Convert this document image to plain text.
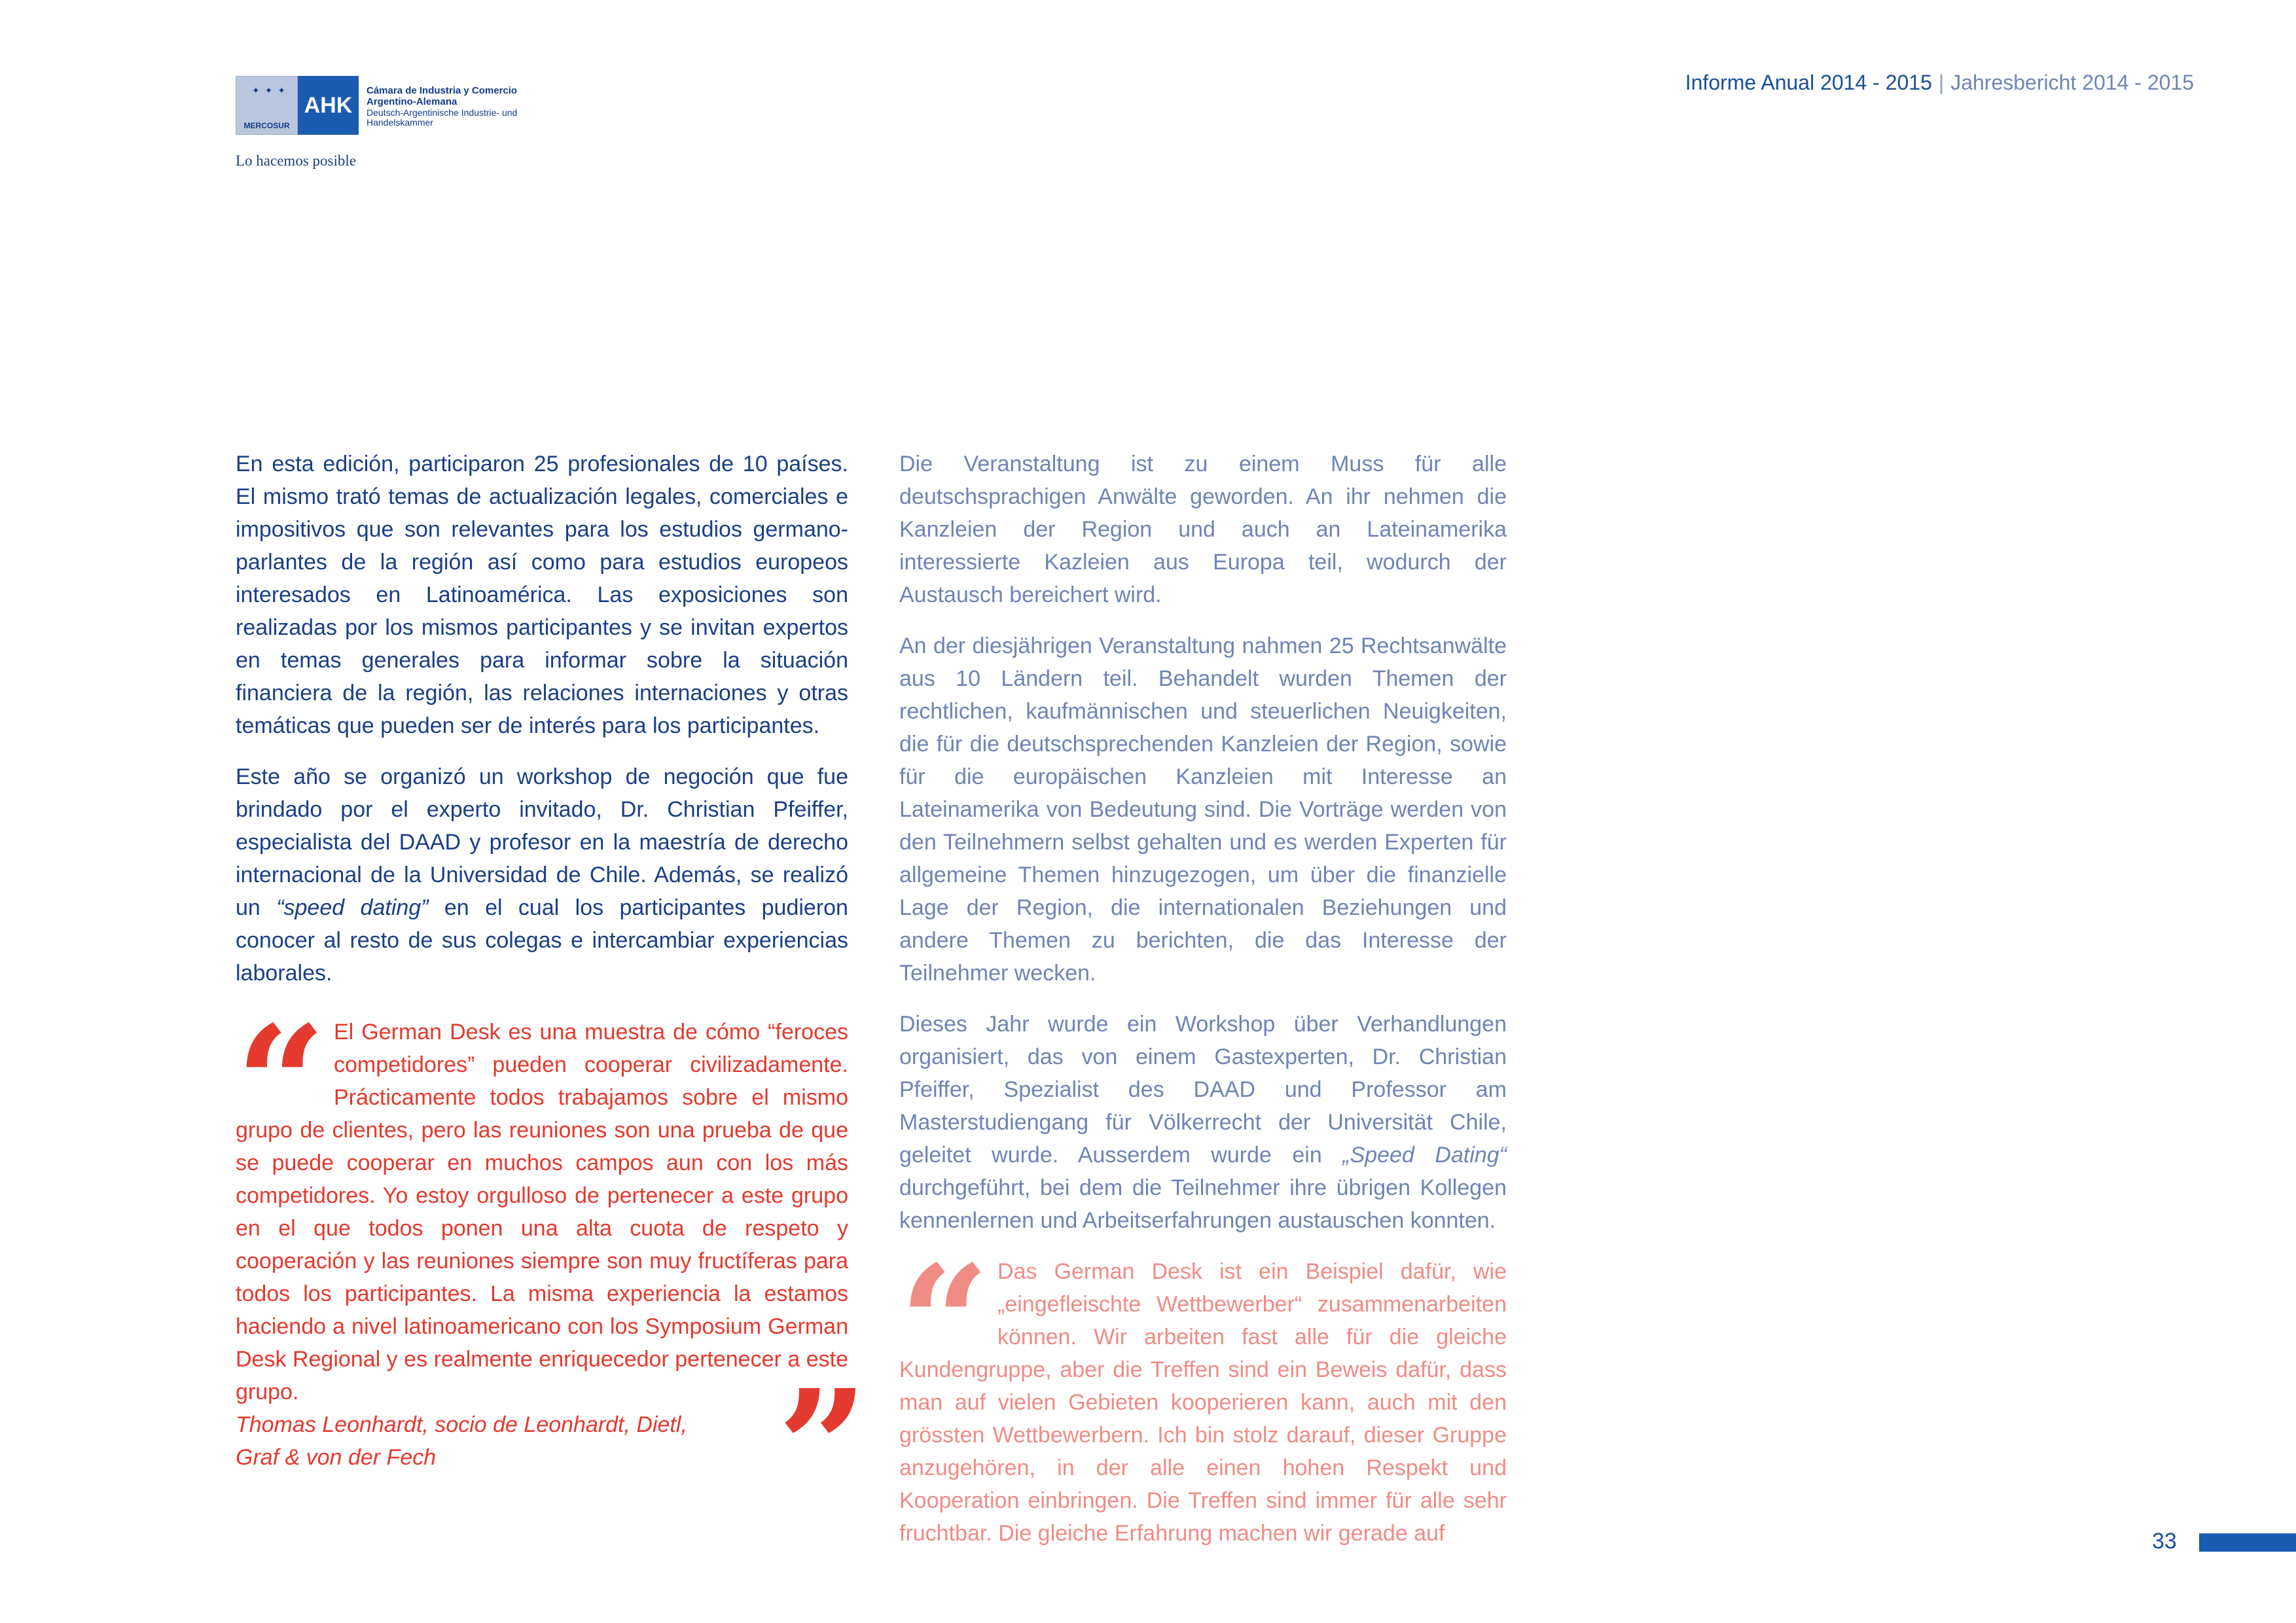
✦ ✦ ✦
MERCOSUR
AHK
Cámara de Industria y Comercio Argentino-Alemana
Deutsch-Argentinische Industrie- und Handelskammer
Lo hacemos posible
Informe Anual 2014 - 2015 | Jahresbericht 2014 - 2015

En esta edición, participaron 25 profesionales de 10 países. El mismo trató temas de actualización legales, comerciales e impositivos que son relevantes para los estudios germano-parlantes de la región así como para estudios europeos interesados en Latinoamérica. Las exposiciones son realizadas por los mismos participantes y se invitan expertos en temas generales para informar sobre la situación financiera de la región, las relaciones internaciones y otras temáticas que pueden ser de interés para los participantes.

Este año se organizó un workshop de negoción que fue brindado por el experto invitado, Dr. Christian Pfeiffer, especialista del DAAD y profesor en la maestría de derecho internacional de la Universidad de Chile. Además, se realizó un “speed dating” en el cual los participantes pudieron conocer al resto de sus colegas e intercambiar experiencias laborales.

“	El German Desk es una muestra de cómo “feroces competidores” pueden cooperar civilizadamente. Prácticamente todos trabajamos sobre el mismo grupo de clientes, pero las reuniones son una prueba de que se puede cooperar en muchos campos aun con los más competidores. Yo estoy orgulloso de pertenecer a este grupo en el que todos ponen una alta cuota de respeto y cooperación y las reuniones siempre son muy fructíferas para todos los participantes. La misma experiencia la estamos haciendo a nivel latinoamericano con los Symposium German Desk Regional y es realmente enriquecedor pertenecer a este grupo.

Thomas Leonhardt, socio de Leonhardt, Dietl, Graf & von der Fech	”

Die Veranstaltung ist zu einem Muss für alle deutschsprachigen Anwälte geworden. An ihr nehmen die Kanzleien der Region und auch an Lateinamerika interessierte Kazleien aus Europa teil, wodurch der Austausch bereichert wird.

An der diesjährigen Veranstaltung nahmen 25 Rechtsanwälte aus 10 Ländern teil. Behandelt wurden Themen der rechtlichen, kaufmännischen und steuerlichen Neuigkeiten, die für die deutschsprechenden Kanzleien der Region, sowie für die europäischen Kanzleien mit Interesse an Lateinamerika von Bedeutung sind. Die Vorträge werden von den Teilnehmern selbst gehalten und es werden Experten für allgemeine Themen hinzugezogen, um über die finanzielle Lage der Region, die internationalen Beziehungen und andere Themen zu berichten, die das Interesse der Teilnehmer wecken.

Dieses Jahr wurde ein Workshop über Verhandlungen organisiert, das von einem Gastexperten, Dr. Christian Pfeiffer, Spezialist des DAAD und Professor am Masterstudiengang für Völkerrecht der Universität Chile, geleitet wurde. Ausserdem wurde ein „Speed Dating“ durchgeführt, bei dem die Teilnehmer ihre übrigen Kollegen kennenlernen und Arbeitserfahrungen austauschen konnten.

“	Das German Desk ist ein Beispiel dafür, wie „eingefleischte Wettbewerber“ zusammenarbeiten können. Wir arbeiten fast alle für die gleiche Kundengruppe, aber die Treffen sind ein Beweis dafür, dass man auf vielen Gebieten kooperieren kann, auch mit den grössten Wettbewerbern. Ich bin stolz darauf, dieser Gruppe anzugehören, in der alle einen hohen Respekt und Kooperation einbringen. Die Treffen sind immer für alle sehr fruchtbar. Die gleiche Erfahrung machen wir gerade auf	33
